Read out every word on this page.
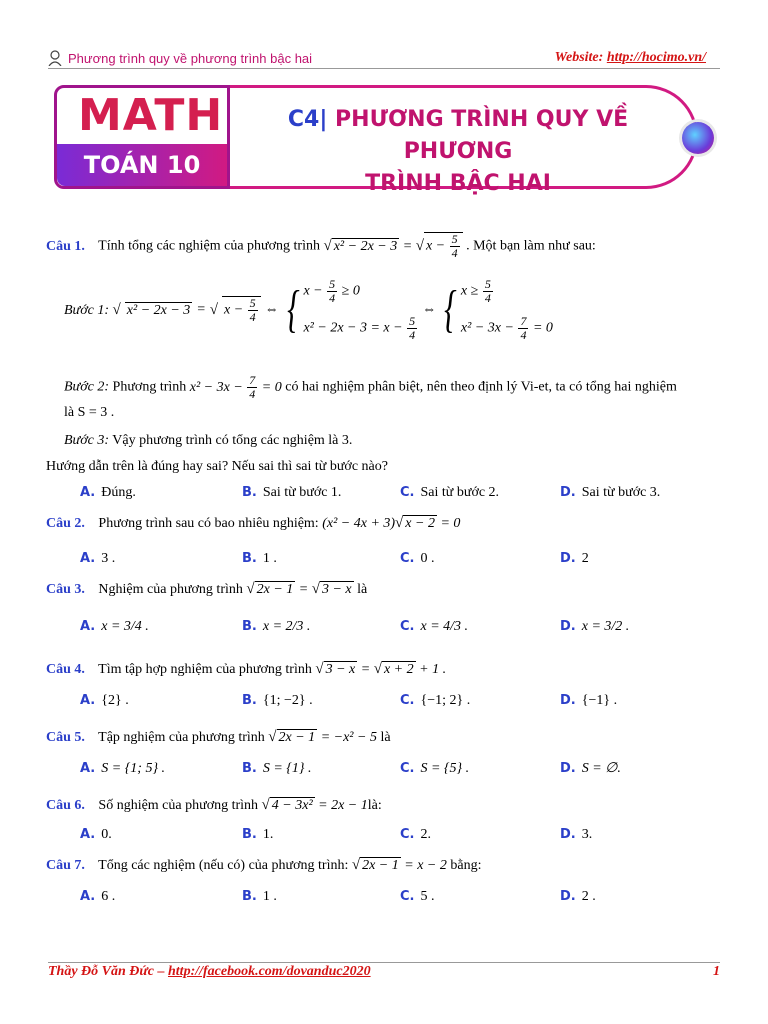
Phương trình quy về phương trình bậc hai	Website: http://hocimo.vn/
MATH
TOÁN 10
C4| PHƯƠNG TRÌNH QUY VỀ PHƯƠNG
TRÌNH BẬC HAI
Câu 1. Tính tổng các nghiệm của phương trình √ x² − 2x − 3 = √ $x - \frac{5}{4}$ . Một bạn làm như sau:
Bước 1: √ x² − 2x − 3 = √ $x - \frac{5}{4}$ ⇔ { $x - \frac{5}{4} \ge 0$
$x^2 - 2x - 3 = x - \frac{5}{4}$
⇔ { $x \ge \frac{5}{4}$
$x^2 - 3x - \frac{7}{4} = 0$
Bước 2: Phương trình $x^2 - 3x - \frac{7}{4} = 0$ có hai nghiệm phân biệt, nên theo định lý Vi-et, ta có tổng hai nghiệm
là S = 3 .
Bước 3: Vậy phương trình có tổng các nghiệm là 3.
Hướng dẫn trên là đúng hay sai? Nếu sai thì sai từ bước nào?
A. Đúng.	B. Sai từ bước 1.	C. Sai từ bước 2.	D. Sai từ bước 3.
Câu 2. Phương trình sau có bao nhiêu nghiệm: (x² − 4x + 3)√ x − 2 = 0
A. 3 .	B. 1 .	C. 0 .	D. 2
Câu 3. Nghiệm của phương trình √ 2x − 1 = √ 3 − x là
A. x = 3/4 .	B. x = 2/3 .	C. x = 4/3 .	D. x = 3/2 .
Câu 4. Tìm tập hợp nghiệm của phương trình √ 3 − x = √ x + 2 + 1 .
A. {2} .	B. {1; −2} .	C. {−1; 2} .	D. {−1} .
Câu 5. Tập nghiệm của phương trình √ 2x − 1 = −x² − 5 là
A. S = {1; 5} .	B. S = {1} .	C. S = {5} .	D. S = ∅.
Câu 6. Số nghiệm của phương trình √ 4 − 3x² = 2x − 1là:
A. 0.	B. 1.	C. 2.	D. 3.
Câu 7. Tổng các nghiệm (nếu có) của phương trình: √ 2x − 1 = x − 2 bằng:
A. 6 .	B. 1 .	C. 5 .	D. 2 .
Thầy Đỗ Văn Đức – http://facebook.com/dovanduc2020	1
